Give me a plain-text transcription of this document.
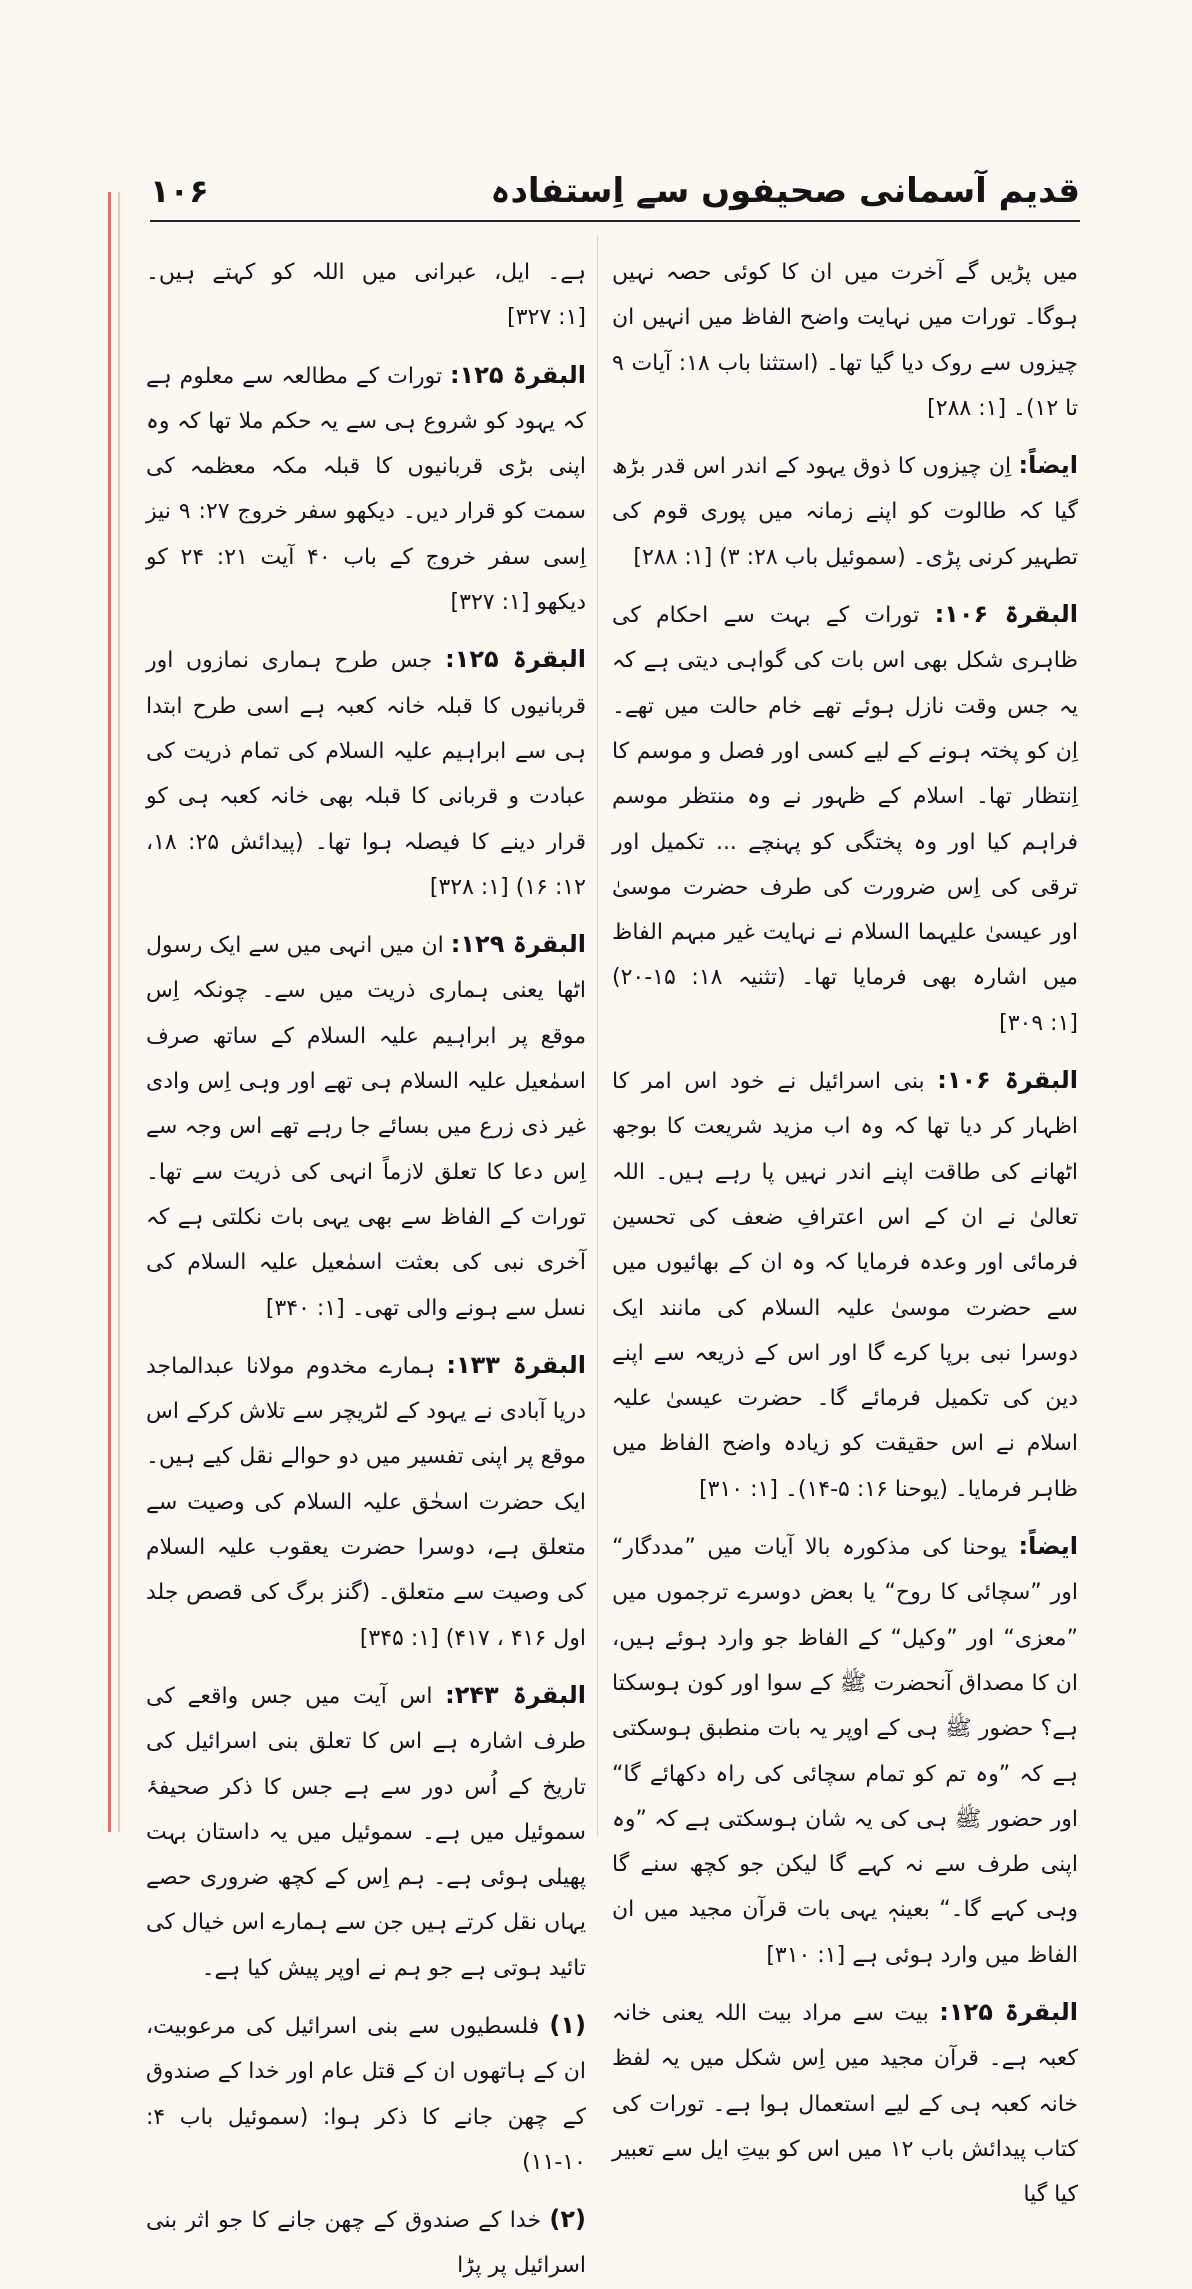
قدیم آسمانی صحیفوں سے اِستفادہ
۱۰۶

میں پڑیں گے آخرت میں ان کا کوئی حصہ نہیں ہوگا۔ تورات میں نہایت واضح الفاظ میں انہیں ان چیزوں سے روک دیا گیا تھا۔ (استثنا باب ۱۸: آیات ۹ تا ۱۲)۔ [۱: ۲۸۸]

ایضاً: اِن چیزوں کا ذوق یہود کے اندر اس قدر بڑھ گیا کہ طالوت کو اپنے زمانہ میں پوری قوم کی تطہیر کرنی پڑی۔ (سموئیل باب ۲۸: ۳) [۱: ۲۸۸]

البقرۃ ۱۰۶: تورات کے بہت سے احکام کی ظاہری شکل بھی اس بات کی گواہی دیتی ہے کہ یہ جس وقت نازل ہوئے تھے خام حالت میں تھے۔ اِن کو پختہ ہونے کے لیے کسی اور فصل و موسم کا اِنتظار تھا۔ اسلام کے ظہور نے وہ منتظر موسم فراہم کیا اور وہ پختگی کو پہنچے ... تکمیل اور ترقی کی اِس ضرورت کی طرف حضرت موسیٰ اور عیسیٰ علیہما السلام نے نہایت غیر مبہم الفاظ میں اشارہ بھی فرمایا تھا۔ (تثنیہ ۱۸: ۱۵-۲۰) [۱: ۳۰۹]

البقرۃ ۱۰۶: بنی اسرائیل نے خود اس امر کا اظہار کر دیا تھا کہ وہ اب مزید شریعت کا بوجھ اٹھانے کی طاقت اپنے اندر نہیں پا رہے ہیں۔ اللہ تعالیٰ نے ان کے اس اعترافِ ضعف کی تحسین فرمائی اور وعدہ فرمایا کہ وہ ان کے بھائیوں میں سے حضرت موسیٰ علیہ السلام کی مانند ایک دوسرا نبی برپا کرے گا اور اس کے ذریعہ سے اپنے دین کی تکمیل فرمائے گا۔ حضرت عیسیٰ علیہ اسلام نے اس حقیقت کو زیادہ واضح الفاظ میں ظاہر فرمایا۔ (یوحنا ۱۶: ۵-۱۴)۔ [۱: ۳۱۰]

ایضاً: یوحنا کی مذکورہ بالا آیات میں ”مددگار“ اور ”سچائی کا روح“ یا بعض دوسرے ترجموں میں ”معزی“ اور ”وکیل“ کے الفاظ جو وارد ہوئے ہیں، ان کا مصداق آنحضرت ﷺ کے سوا اور کون ہوسکتا ہے؟ حضور ﷺ ہی کے اوپر یہ بات منطبق ہوسکتی ہے کہ ”وہ تم کو تمام سچائی کی راہ دکھائے گا“ اور حضور ﷺ ہی کی یہ شان ہوسکتی ہے کہ ”وہ اپنی طرف سے نہ کہے گا لیکن جو کچھ سنے گا وہی کہے گا۔“ بعینہٖ یہی بات قرآن مجید میں ان الفاظ میں وارد ہوئی ہے [۱: ۳۱۰]

البقرۃ ۱۲۵: بیت سے مراد بیت اللہ یعنی خانہ کعبہ ہے۔ قرآن مجید میں اِس شکل میں یہ لفظ خانہ کعبہ ہی کے لیے استعمال ہوا ہے۔ تورات کی کتاب پیدائش باب ۱۲ میں اس کو بیتِ ایل سے تعبیر کیا گیا

ہے۔ ایل، عبرانی میں اللہ کو کہتے ہیں۔ [۱: ۳۲۷]

البقرۃ ۱۲۵: تورات کے مطالعہ سے معلوم ہے کہ یہود کو شروع ہی سے یہ حکم ملا تھا کہ وہ اپنی بڑی قربانیوں کا قبلہ مکہ معظمہ کی سمت کو قرار دیں۔ دیکھو سفر خروج ۲۷: ۹ نیز اِسی سفر خروج کے باب ۴۰ آیت ۲۱: ۲۴ کو دیکھو [۱: ۳۲۷]

البقرۃ ۱۲۵: جس طرح ہماری نمازوں اور قربانیوں کا قبلہ خانہ کعبہ ہے اسی طرح ابتدا ہی سے ابراہیم علیہ السلام کی تمام ذریت کی عبادت و قربانی کا قبلہ بھی خانہ کعبہ ہی کو قرار دینے کا فیصلہ ہوا تھا۔ (پیدائش ۲۵: ۱۸، ۱۲: ۱۶) [۱: ۳۲۸]

البقرۃ ۱۲۹: ان میں انہی میں سے ایک رسول اٹھا یعنی ہماری ذریت میں سے۔ چونکہ اِس موقع پر ابراہیم علیہ السلام کے ساتھ صرف اسمٰعیل علیہ السلام ہی تھے اور وہی اِس وادی غیر ذی زرع میں بسائے جا رہے تھے اس وجہ سے اِس دعا کا تعلق لازماً انہی کی ذریت سے تھا۔ تورات کے الفاظ سے بھی یہی بات نکلتی ہے کہ آخری نبی کی بعثت اسمٰعیل علیہ السلام کی نسل سے ہونے والی تھی۔ [۱: ۳۴۰]

البقرۃ ۱۳۳: ہمارے مخدوم مولانا عبدالماجد دریا آبادی نے یہود کے لٹریچر سے تلاش کرکے اس موقع پر اپنی تفسیر میں دو حوالے نقل کیے ہیں۔ ایک حضرت اسحٰق علیہ السلام کی وصیت سے متعلق ہے، دوسرا حضرت یعقوب علیہ السلام کی وصیت سے متعلق۔ (گنز برگ کی قصص جلد اول ۴۱۶ ، ۴۱۷) [۱: ۳۴۵]

البقرۃ ۲۴۳: اس آیت میں جس واقعے کی طرف اشارہ ہے اس کا تعلق بنی اسرائیل کی تاریخ کے اُس دور سے ہے جس کا ذکر صحیفۂ سموئیل میں ہے۔ سموئیل میں یہ داستان بہت پھیلی ہوئی ہے۔ ہم اِس کے کچھ ضروری حصے یہاں نقل کرتے ہیں جن سے ہمارے اس خیال کی تائید ہوتی ہے جو ہم نے اوپر پیش کیا ہے۔

(۱) فلسطیوں سے بنی اسرائیل کی مرعوبیت، ان کے ہاتھوں ان کے قتل عام اور خدا کے صندوق کے چھن جانے کا ذکر ہوا: (سموئیل باب ۴: ۱۰-۱۱)

(۲) خدا کے صندوق کے چھن جانے کا جو اثر بنی اسرائیل پر پڑا
